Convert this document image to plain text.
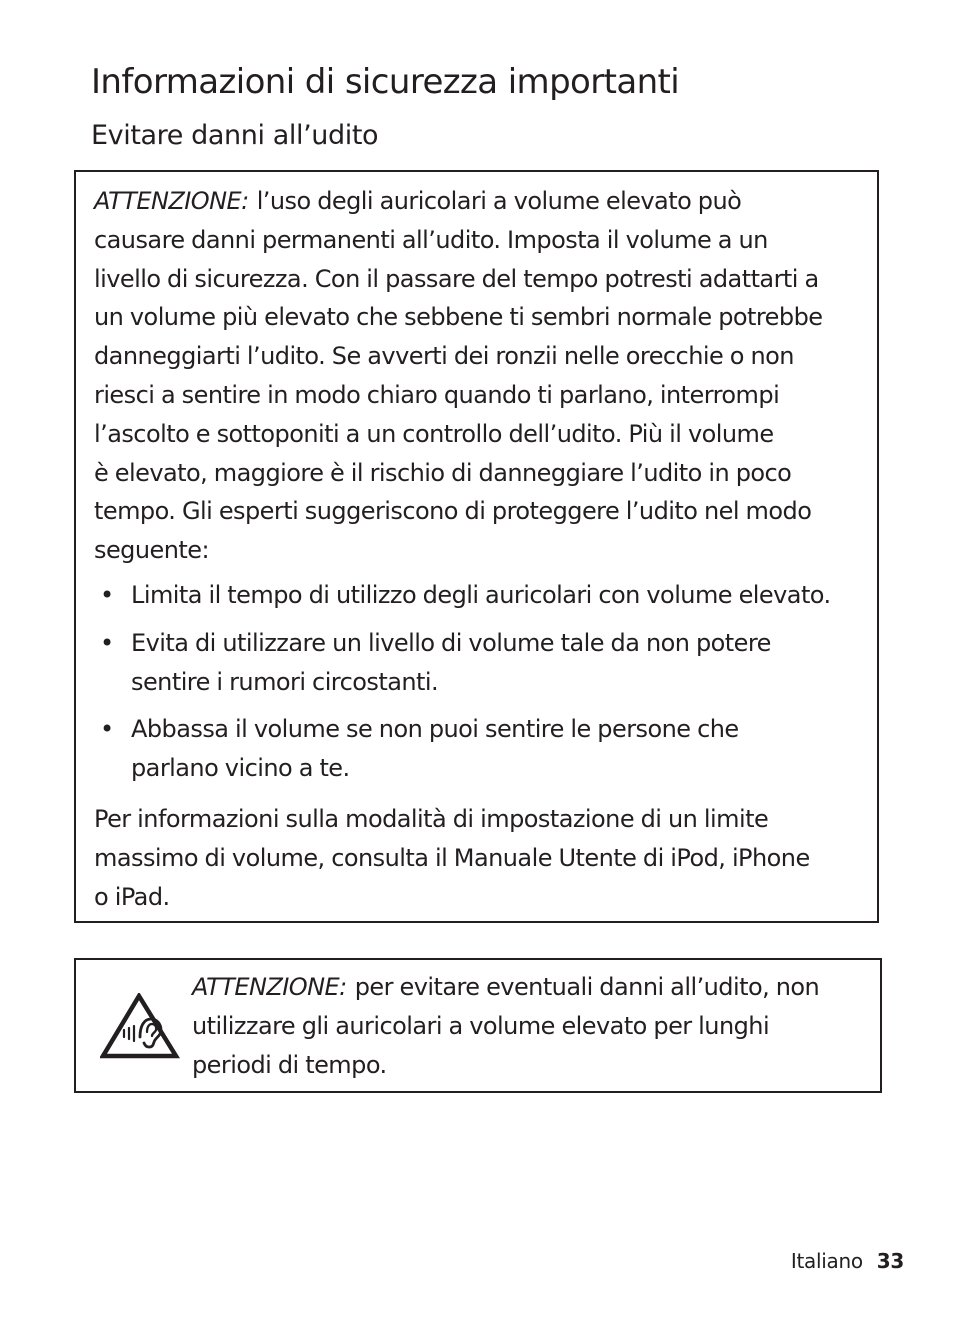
Informazioni di sicurezza importanti
Evitare danni all’udito

ATTENZIONE: l’uso degli auricolari a volume elevato può
causare danni permanenti all’udito. Imposta il volume a un
livello di sicurezza. Con il passare del tempo potresti adattarti a
un volume più elevato che sebbene ti sembri normale potrebbe
danneggiarti l’udito. Se avverti dei ronzii nelle orecchie o non
riesci a sentire in modo chiaro quando ti parlano, interrompi
l’ascolto e sottoponiti a un controllo dell’udito. Più il volume
è elevato, maggiore è il rischio di danneggiare l’udito in poco
tempo. Gli esperti suggeriscono di proteggere l’udito nel modo
seguente:

• Limita il tempo di utilizzo degli auricolari con volume elevato.
• Evita di utilizzare un livello di volume tale da non potere
sentire i rumori circostanti.
• Abbassa il volume se non puoi sentire le persone che
parlano vicino a te.

Per informazioni sulla modalità di impostazione di un limite
massimo di volume, consulta il Manuale Utente di iPod, iPhone
o iPad.

ATTENZIONE: per evitare eventuali danni all’udito, non
utilizzare gli auricolari a volume elevato per lunghi
periodi di tempo.

Italiano 33
